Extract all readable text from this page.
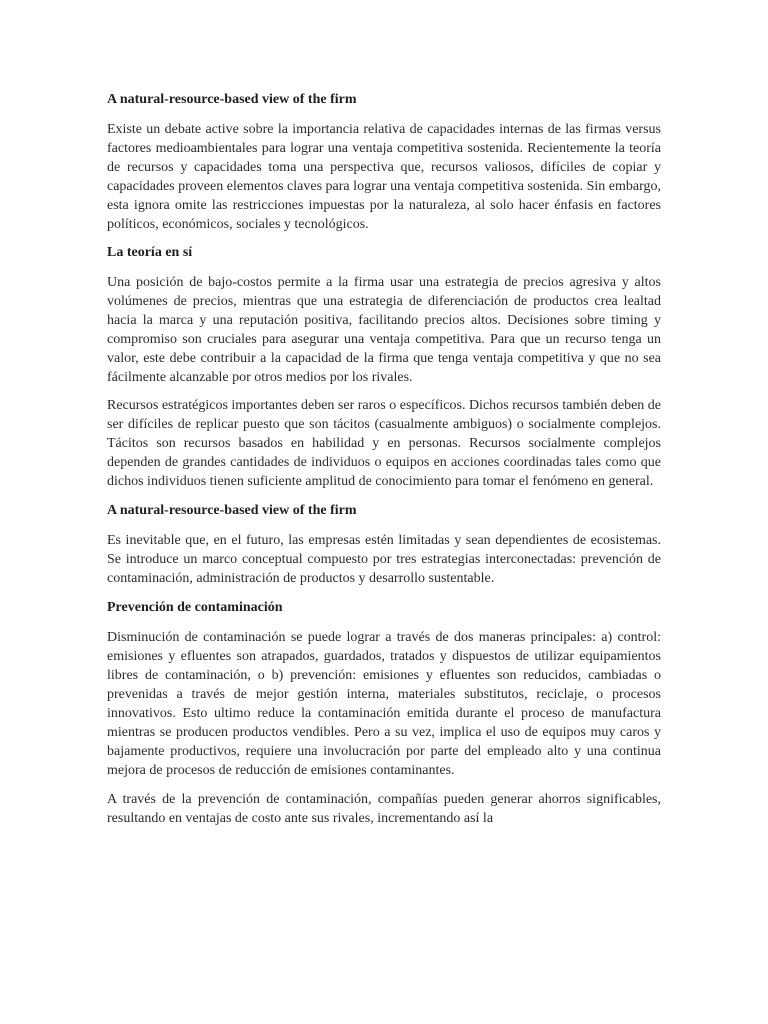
A natural-resource-based view of the firm

Existe un debate active sobre la importancia relativa de capacidades internas de las firmas versus factores medioambientales para lograr una ventaja competitiva sostenida. Recientemente la teoría de recursos y capacidades toma una perspectiva que, recursos valiosos, difíciles de copiar y capacidades proveen elementos claves para lograr una ventaja competitiva sostenida. Sin embargo, esta ignora omite las restricciones impuestas por la naturaleza, al solo hacer énfasis en factores políticos, económicos, sociales y tecnológicos.

La teoría en sí

Una posición de bajo-costos permite a la firma usar una estrategia de precios agresiva y altos volúmenes de precios, mientras que una estrategia de diferenciación de productos crea lealtad hacia la marca y una reputación positiva, facilitando precios altos. Decisiones sobre timing y compromiso son cruciales para asegurar una ventaja competitiva. Para que un recurso tenga un valor, este debe contribuir a la capacidad de la firma que tenga ventaja competitiva y que no sea fácilmente alcanzable por otros medios por los rivales.

Recursos estratégicos importantes deben ser raros o específicos. Dichos recursos también deben de ser difíciles de replicar puesto que son tácitos (casualmente ambiguos) o socialmente complejos. Tácitos son recursos basados en habilidad y en personas. Recursos socialmente complejos dependen de grandes cantidades de individuos o equipos en acciones coordinadas tales como que dichos individuos tienen suficiente amplitud de conocimiento para tomar el fenómeno en general.

A natural-resource-based view of the firm

Es inevitable que, en el futuro, las empresas estén limitadas y sean dependientes de ecosistemas. Se introduce un marco conceptual compuesto por tres estrategias interconectadas: prevención de contaminación, administración de productos y desarrollo sustentable.

Prevención de contaminación

Disminución de contaminación se puede lograr a través de dos maneras principales: a) control: emisiones y efluentes son atrapados, guardados, tratados y dispuestos de utilizar equipamientos libres de contaminación, o b) prevención: emisiones y efluentes son reducidos, cambiadas o prevenidas a través de mejor gestión interna, materiales substitutos, reciclaje, o procesos innovativos. Esto ultimo reduce la contaminación emitida durante el proceso de manufactura mientras se producen productos vendibles. Pero a su vez, implica el uso de equipos muy caros y bajamente productivos, requiere una involucración por parte del empleado alto y una continua mejora de procesos de reducción de emisiones contaminantes.

A través de la prevención de contaminación, compañías pueden generar ahorros significables, resultando en ventajas de costo ante sus rivales, incrementando así la
